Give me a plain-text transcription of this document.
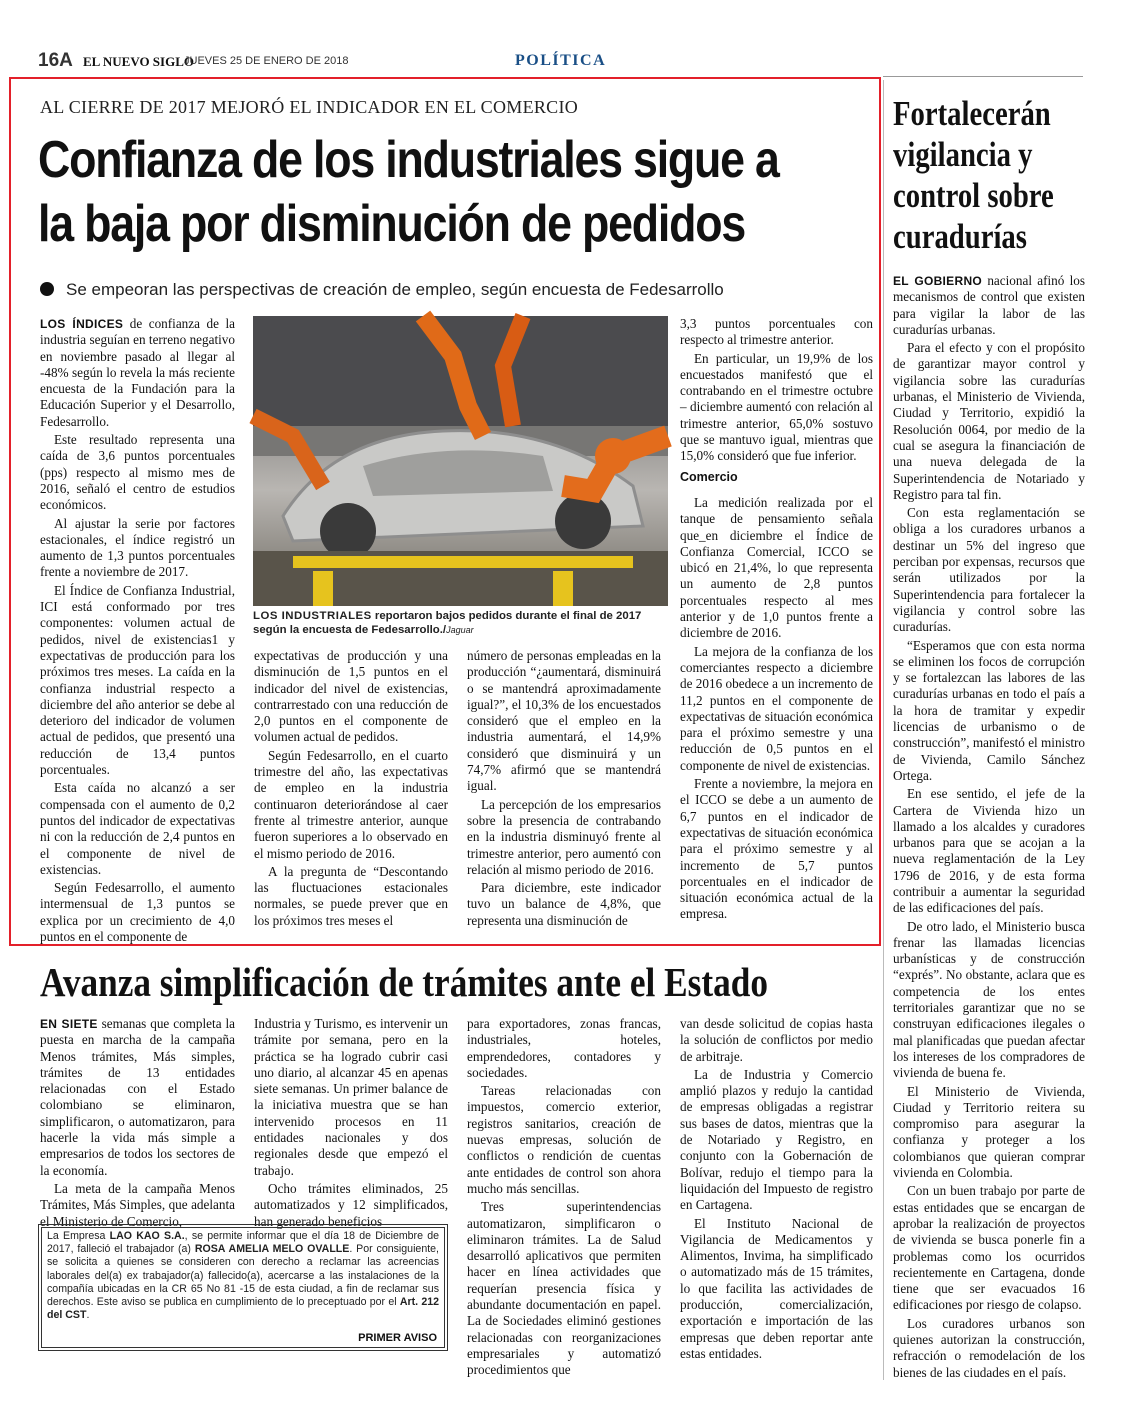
16A EL NUEVO SIGLO
JUEVES 25 DE ENERO DE 2018	POLÍTICA
AL CIERRE DE 2017 MEJORÓ EL INDICADOR EN EL COMERCIO
Confianza de los industriales sigue a
la baja por disminución de pedidos
Se empeoran las perspectivas de creación de empleo, según encuesta de Fedesarrollo
LOS INDUSTRIALES reportaron bajos pedidos durante el final de 2017 según la encuesta de Fedesarrollo./Jaguar

LOS ÍNDICES de confianza de la industria seguían en terreno negativo en noviembre pasado al llegar al -48% según lo revela la más reciente encuesta de la Fundación para la Educación Superior y el Desarrollo, Fedesarrollo.

Este resultado representa una caída de 3,6 puntos porcentuales (pps) respecto al mismo mes de 2016, señaló el centro de estudios económicos.

Al ajustar la serie por factores estacionales, el índice registró un aumento de 1,3 puntos porcentuales frente a noviembre de 2017.

El Índice de Confianza Industrial, ICI está conformado por tres componentes: volumen actual de pedidos, nivel de existencias1 y expectativas de producción para los próximos tres meses. La caída en la confianza industrial respecto a diciembre del año anterior se debe al deterioro del indicador de volumen actual de pedidos, que presentó una reducción de 13,4 puntos porcentuales.

Esta caída no alcanzó a ser compensada con el aumento de 0,2 puntos del indicador de expectativas ni con la reducción de 2,4 puntos en el componente de nivel de existencias.

Según Fedesarrollo, el aumento intermensual de 1,3 puntos se explica por un crecimiento de 4,0 puntos en el componente de

expectativas de producción y una disminución de 1,5 puntos en el indicador del nivel de existencias, contrarrestado con una reducción de 2,0 puntos en el componente de volumen actual de pedidos.

Según Fedesarrollo, en el cuarto trimestre del año, las expectativas de empleo en la industria continuaron deteriorándose al caer frente al trimestre anterior, aunque fueron superiores a lo observado en el mismo periodo de 2016.

A la pregunta de “Descontando las fluctuaciones estacionales normales, se puede prever que en los próximos tres meses el

número de personas empleadas en la producción “¿aumentará, disminuirá o se mantendrá aproximadamente igual?”, el 10,3% de los encuestados consideró que el empleo en la industria aumentará, el 14,9% consideró que disminuirá y un 74,7% afirmó que se mantendrá igual.

La percepción de los empresarios sobre la presencia de contrabando en la industria disminuyó frente al trimestre anterior, pero aumentó con relación al mismo periodo de 2016.

Para diciembre, este indicador tuvo un balance de 4,8%, que representa una disminución de

3,3 puntos porcentuales con respecto al trimestre anterior.

En particular, un 19,9% de los encuestados manifestó que el contrabando en el trimestre octubre – diciembre aumentó con relación al trimestre anterior, 65,0% sostuvo que se mantuvo igual, mientras que 15,0% consideró que fue inferior.

Comercio

La medición realizada por el tanque de pensamiento señala que_en diciembre el Índice de Confianza Comercial, ICCO se ubicó en 21,4%, lo que representa un aumento de 2,8 puntos porcentuales respecto al mes anterior y de 1,0 puntos frente a diciembre de 2016.

La mejora de la confianza de los comerciantes respecto a diciembre de 2016 obedece a un incremento de 11,2 puntos en el componente de expectativas de situación económica para el próximo semestre y una reducción de 0,5 puntos en el componente de nivel de existencias.

Frente a noviembre, la mejora en el ICCO se debe a un aumento de 6,7 puntos en el indicador de expectativas de situación económica para el próximo semestre y al incremento de 5,7 puntos porcentuales en el indicador de situación económica actual de la empresa.

Fortalecerán
vigilancia y
control sobre
curadurías

EL GOBIERNO nacional afinó los mecanismos de control que existen para vigilar la labor de las curadurías urbanas.

Para el efecto y con el propósito de garantizar mayor control y vigilancia sobre las curadurías urbanas, el Ministerio de Vivienda, Ciudad y Territorio, expidió la Resolución 0064, por medio de la cual se asegura la financiación de una nueva delegada de la Superintendencia de Notariado y Registro para tal fin.

Con esta reglamentación se obliga a los curadores urbanos a destinar un 5% del ingreso que perciban por expensas, recursos que serán utilizados por la Superintendencia para fortalecer la vigilancia y control sobre las curadurías.

“Esperamos que con esta norma se eliminen los focos de corrupción y se fortalezcan las labores de las curadurías urbanas en todo el país a la hora de tramitar y expedir licencias de urbanismo o de construcción”, manifestó el ministro de Vivienda, Camilo Sánchez Ortega.

En ese sentido, el jefe de la Cartera de Vivienda hizo un llamado a los alcaldes y curadores urbanos para que se acojan a la nueva reglamentación de la Ley 1796 de 2016, y de esta forma contribuir a aumentar la seguridad de las edificaciones del país.

De otro lado, el Ministerio busca frenar las llamadas licencias urbanísticas y de construcción “exprés”. No obstante, aclara que es competencia de los entes territoriales garantizar que no se construyan edificaciones ilegales o mal planificadas que puedan afectar los intereses de los compradores de vivienda de buena fe.

El Ministerio de Vivienda, Ciudad y Territorio reitera su compromiso para asegurar la confianza y proteger a los colombianos que quieran comprar vivienda en Colombia.

Con un buen trabajo por parte de estas entidades que se encargan de aprobar la realización de proyectos de vivienda se busca ponerle fin a problemas como los ocurridos recientemente en Cartagena, donde tiene que ser evacuados 16 edificaciones por riesgo de colapso.

Los curadores urbanos son quienes autorizan la construcción, refracción o remodelación de los bienes de las ciudades en el país.

Avanza simplificación de trámites ante el Estado

EN SIETE semanas que completa la puesta en marcha de la campaña Menos trámites, Más simples, trámites de 13 entidades relacionadas con el Estado colombiano se eliminaron, simplificaron, o automatizaron, para hacerle la vida más simple a empresarios de todos los sectores de la economía.

La meta de la campaña Menos Trámites, Más Simples, que adelanta el Ministerio de Comercio,

Industria y Turismo, es intervenir un trámite por semana, pero en la práctica se ha logrado cubrir casi uno diario, al alcanzar 45 en apenas siete semanas. Un primer balance de la iniciativa muestra que se han intervenido procesos en 11 entidades nacionales y dos regionales desde que empezó el trabajo.

Ocho trámites eliminados, 25 automatizados y 12 simplificados, han generado beneficios

para exportadores, zonas francas, industriales, hoteles, emprendedores, contadores y sociedades.

Tareas relacionadas con impuestos, comercio exterior, registros sanitarios, creación de nuevas empresas, solución de conflictos o rendición de cuentas ante entidades de control son ahora mucho más sencillas.

Tres superintendencias automatizaron, simplificaron o eliminaron trámites. La de Salud desarrolló aplicativos que permiten hacer en línea actividades que requerían presencia física y abundante documentación en papel. La de Sociedades eliminó gestiones relacionadas con reorganizaciones empresariales y automatizó procedimientos que

van desde solicitud de copias hasta la solución de conflictos por medio de arbitraje.

La de Industria y Comercio amplió plazos y redujo la cantidad de empresas obligadas a registrar sus bases de datos, mientras que la de Notariado y Registro, en conjunto con la Gobernación de Bolívar, redujo el tiempo para la liquidación del Impuesto de registro en Cartagena.

El Instituto Nacional de Vigilancia de Medicamentos y Alimentos, Invima, ha simplificado o automatizado más de 15 trámites, lo que facilita las actividades de producción, comercialización, exportación e importación de las empresas que deben reportar ante estas entidades.

La Empresa LAO KAO S.A., se permite informar que el día 18 de Diciembre de 2017, falleció el trabajador (a) ROSA AMELIA MELO OVALLE. Por consiguiente, se solicita a quienes se consideren con derecho a reclamar las acreencias laborales del(a) ex trabajador(a) fallecido(a), acercarse a las instalaciones de la compañía ubicadas en la CR 65 No 81 -15 de esta ciudad, a fin de reclamar sus derechos. Este aviso se publica en cumplimiento de lo preceptuado por el Art. 212 del CST.
PRIMER AVISO
